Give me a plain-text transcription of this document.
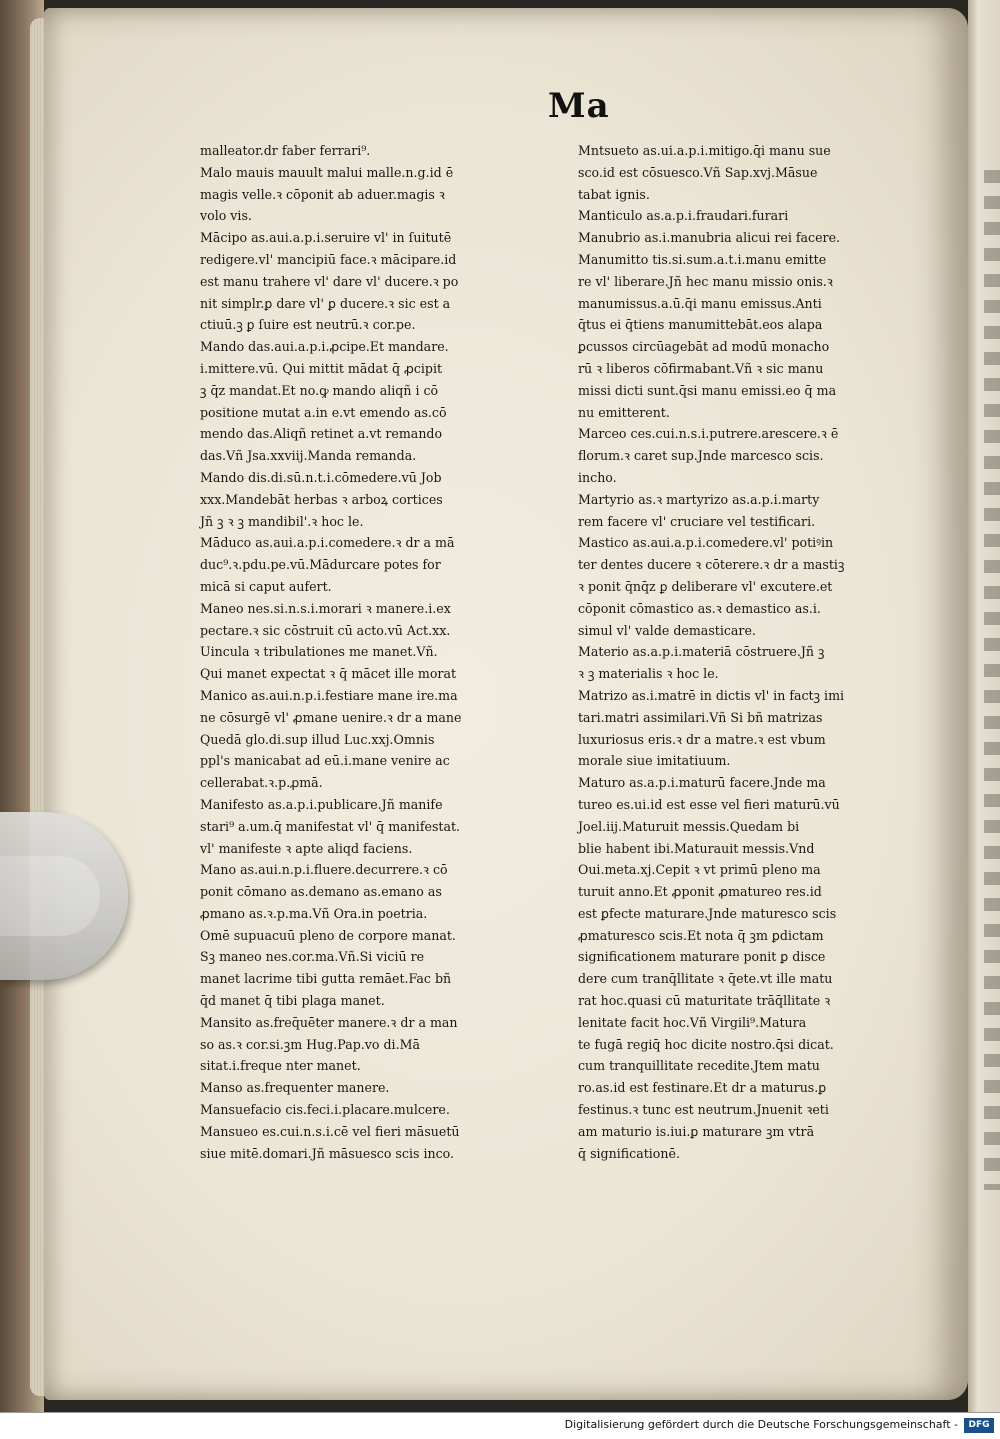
Ma
malleator.dr faber ferrari⁹.
Malo mauis mauult malui malle.n.g.id ē
magis velle.ꝛ cōponit ab aduer.magis ꝛ
volo vis.
Mācipo as.aui.a.p.i.seruire vl' in ſuitutē
redigere.vl' mancipiū face.ꝛ mācipare.id
est manu trahere vl' dare vl' ducere.ꝛ po
nit simplr.ꝑ dare vl' ꝑ ducere.ꝛ sic est a
ctiuū.ꝫ ꝑ ſuire est neutrū.ꝛ cor.pe.
Mando das.aui.a.p.i.ꝓcipe.Et mandare.
i.mittere.vū. Qui mittit mādat q̄ ꝓcipit
ꝫ q̄z mandat.Et no.ꝙ mando aliqñ i cō
positione mutat a.in e.vt emendo as.cō
mendo das.Aliqñ retinet a.vt remando
das.Vñ Jsa.xxviij.Manda remanda.
Mando dis.di.sū.n.t.i.cōmedere.vū Job
xxx.Mandebāt herbas ꝛ arboꝝ cortices
Jñ ꝫ ꝛ ꝫ mandibil'.ꝛ hoc le.
Māduco as.aui.a.p.i.comedere.ꝛ dr a mā
duc⁹.ꝛ.pdu.pe.vū.Mādurcare potes for
micā si caput aufert.
Maneo nes.si.n.s.i.morari ꝛ manere.i.ex
pectare.ꝛ sic cōstruit cū acto.vū Act.xx.
Uincula ꝛ tribulationes me manet.Vñ.
Qui manet expectat ꝛ q̄ mācet ille morat
Manico as.aui.n.p.i.festiare mane ire.ma
ne cōsurgē vl' ꝓmane uenire.ꝛ dr a mane
Quedā glo.di.sup illud Luc.xxj.Omnis
ppl's manicabat ad eū.i.mane venire ac
cellerabat.ꝛ.p.ꝓmā.
Manifesto as.a.p.i.publicare.Jñ manife
stari⁹ a.um.q̄ manifestat vl' q̄ manifestat.
vl' manifeste ꝛ apte aliqd faciens.
Mano as.aui.n.p.i.fluere.decurrere.ꝛ cō
ponit cōmano as.demano as.emano as
ꝓmano as.ꝛ.p.ma.Vñ Ora.in poetria.
Omē supuacuū pleno de corpore manat.
Sꝫ maneo nes.cor.ma.Vñ.Si viciū re
manet lacrime tibi gutta remāet.Fac bñ
q̄d manet q̄ tibi plaga manet.
Mansito as.freq̄uēter manere.ꝛ dr a man
so as.ꝛ cor.si.ꝫm Hug.Pap.vo di.Mā
sitat.i.freque nter manet.
Manso as.frequenter manere.
Mansuefacio cis.feci.i.placare.mulcere.
Mansueo es.cui.n.s.i.cē vel fieri māsuetū
siue mitē.domari.Jñ māsuesco scis inco.
Mntsueto as.ui.a.p.i.mitigo.q̄i manu sue
sco.id est cōsuesco.Vñ Sap.xvj.Māsue
tabat ignis.
Manticulo as.a.p.i.fraudari.furari
Manubrio as.i.manubria alicui rei facere.
Manumitto tis.si.sum.a.t.i.manu emitte
re vl' liberare.Jñ hec manu missio onis.ꝛ
manumissus.a.ū.q̄i manu emissus.Anti
q̄tus ei q̄tiens manumittebāt.eos alapa
ꝑcussos circūagebāt ad modū monacho
rū ꝛ liberos cōfirmabant.Vñ ꝛ sic manu
missi dicti sunt.q̄si manu emissi.eo q̄ ma
nu emitterent.
Marceo ces.cui.n.s.i.putrere.arescere.ꝛ ē
florum.ꝛ caret sup.Jnde marcesco scis.
incho.
Martyrio as.ꝛ martyrizo as.a.p.i.marty
rem facere vl' cruciare vel testificari.
Mastico as.aui.a.p.i.comedere.vl' potiꝰin
ter dentes ducere ꝛ cōterere.ꝛ dr a mastiꝫ
ꝛ ponit q̄nq̄z ꝑ deliberare vl' excutere.et
cōponit cōmastico as.ꝛ demastico as.i.
simul vl' valde demasticare.
Materio as.a.p.i.materiā cōstruere.Jñ ꝫ
ꝛ ꝫ materialis ꝛ hoc le.
Matrizo as.i.matrē in dictis vl' in factꝫ imi
tari.matri assimilari.Vñ Si bñ matrizas
luxuriosus eris.ꝛ dr a matre.ꝛ est vbum
morale siue imitatiuum.
Maturo as.a.p.i.maturū facere.Jnde ma
tureo es.ui.id est esse vel fieri maturū.vū
Joel.iij.Maturuit messis.Quedam bi
blie habent ibi.Maturauit messis.Vnd
Oui.meta.xj.Cepit ꝛ vt primū pleno ma
turuit anno.Et ꝓponit ꝓmatureo res.id
est ꝑfecte maturare.Jnde maturesco scis
ꝓmaturesco scis.Et nota q̄ ꝫm ꝑdictam
significationem maturare ponit ꝑ disce
dere cum tranq̄llitate ꝛ q̄ete.vt ille matu
rat hoc.quasi cū maturitate trāq̄llitate ꝛ
lenitate facit hoc.Vñ Virgili⁹.Matura
te fugā regiq̄ hoc dicite nostro.q̄si dicat.
cum tranquillitate recedite.Jtem matu
ro.as.id est festinare.Et dr a maturus.ꝑ
festinus.ꝛ tunc est neutrum.Jnuenit ꝛeti
am maturio is.iui.ꝑ maturare ꝫm vtrā
q̄ significationē.
Digitalisierung gefördert durch die Deutsche Forschungsgemeinschaft -	DFG
